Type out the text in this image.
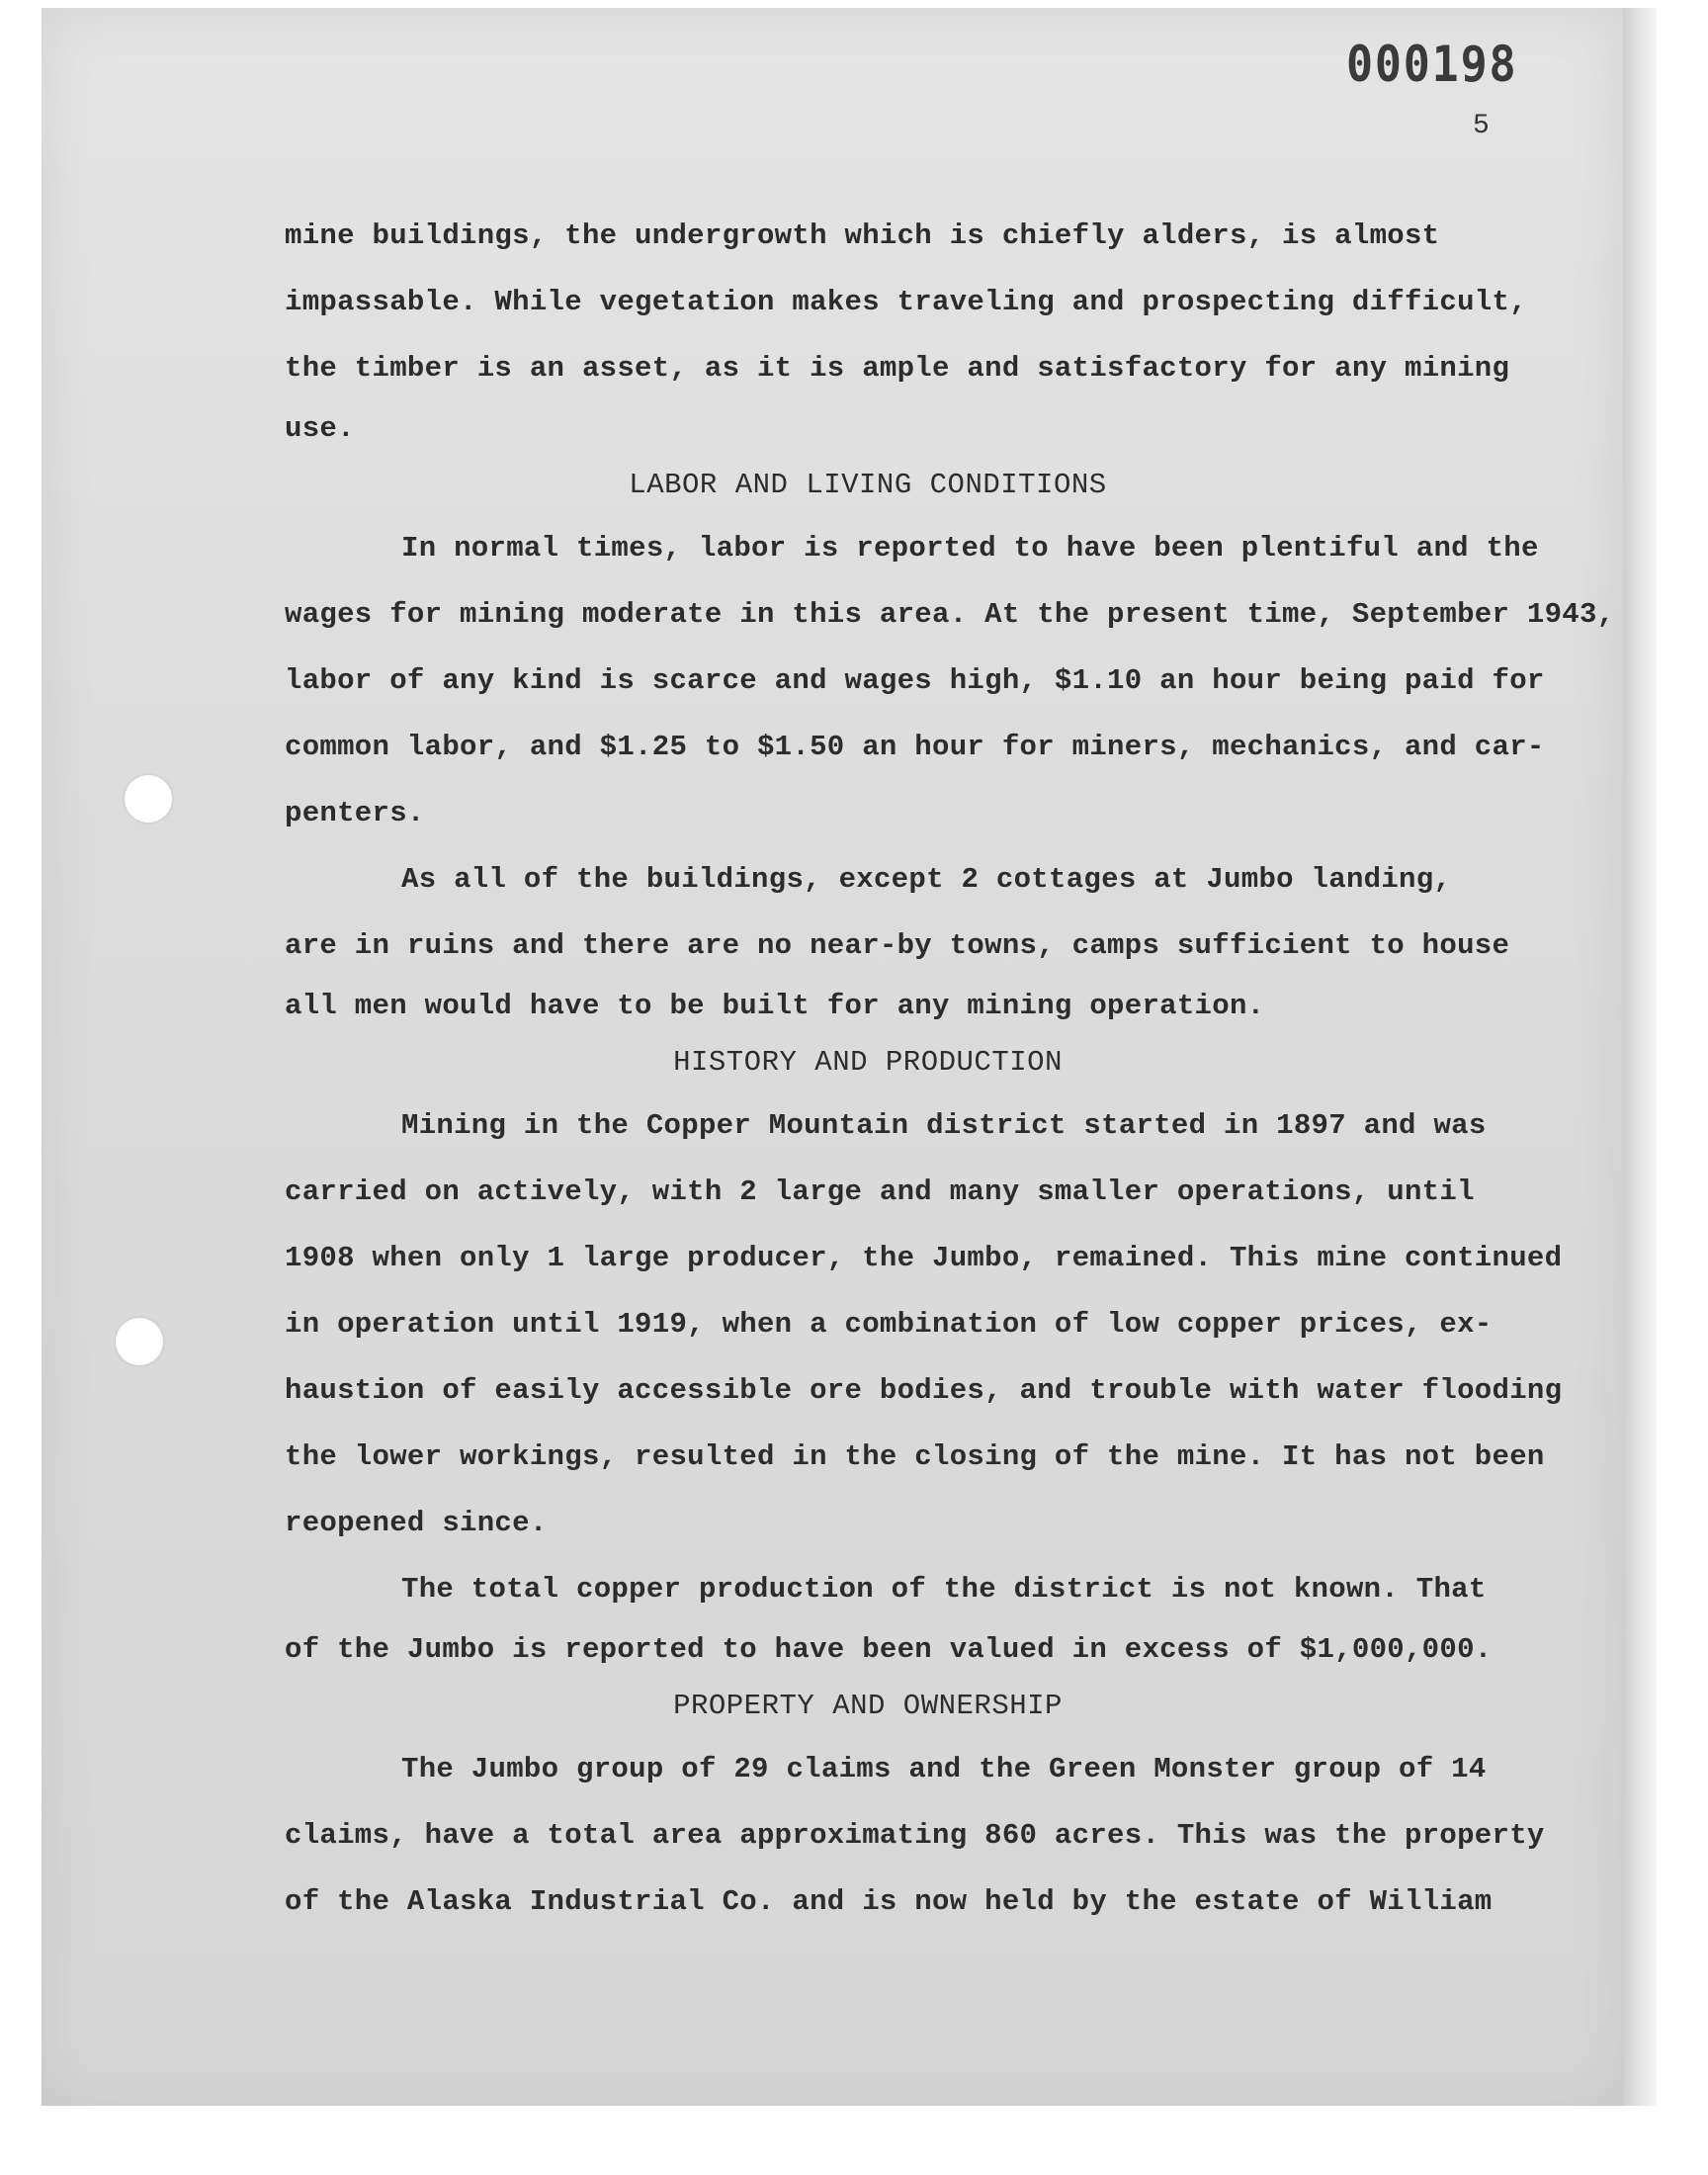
000198
5
mine buildings, the undergrowth which is chiefly alders, is almost
impassable. While vegetation makes traveling and prospecting difficult,
the timber is an asset, as it is ample and satisfactory for any mining
use.
LABOR AND LIVING CONDITIONS
In normal times, labor is reported to have been plentiful and the
wages for mining moderate in this area. At the present time, September 1943,
labor of any kind is scarce and wages high, $1.10 an hour being paid for
common labor, and $1.25 to $1.50 an hour for miners, mechanics, and car-
penters.
As all of the buildings, except 2 cottages at Jumbo landing,
are in ruins and there are no near-by towns, camps sufficient to house
all men would have to be built for any mining operation.
HISTORY AND PRODUCTION
Mining in the Copper Mountain district started in 1897 and was
carried on actively, with 2 large and many smaller operations, until
1908 when only 1 large producer, the Jumbo, remained. This mine continued
in operation until 1919, when a combination of low copper prices, ex-
haustion of easily accessible ore bodies, and trouble with water flooding
the lower workings, resulted in the closing of the mine. It has not been
reopened since.
The total copper production of the district is not known. That
of the Jumbo is reported to have been valued in excess of $1,000,000.
PROPERTY AND OWNERSHIP
The Jumbo group of 29 claims and the Green Monster group of 14
claims, have a total area approximating 860 acres. This was the property
of the Alaska Industrial Co. and is now held by the estate of William
